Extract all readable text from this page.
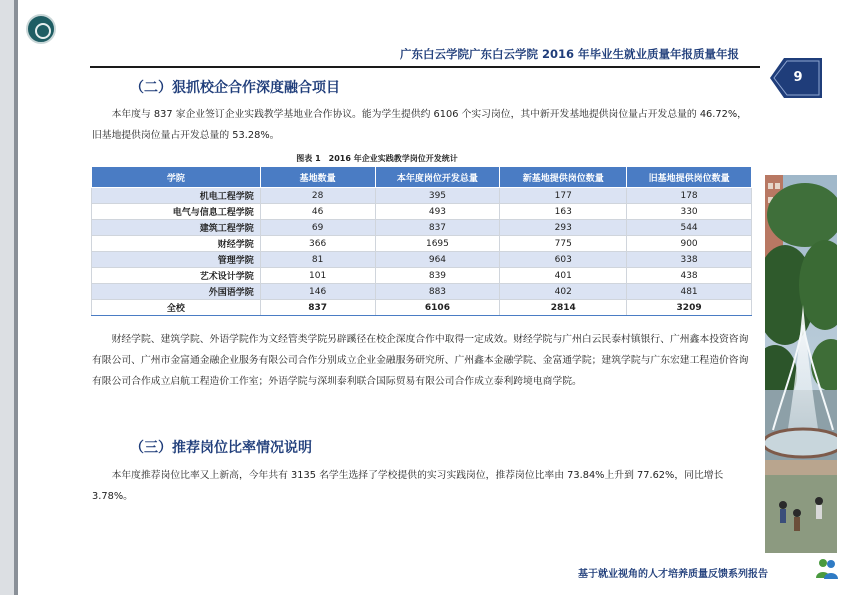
广东白云学院广东白云学院 2016 年毕业生就业质量年报质量年报
9
（二）狠抓校企合作深度融合项目
本年度与 837 家企业签订企业实践教学基地业合作协议。能为学生提供约 6106 个实习岗位，其中新开发基地提供岗位量占开发总量的 46.72%，旧基地提供岗位量占开发总量的 53.28%。
图表 1　2016 年企业实践教学岗位开发统计
学院	基地数量	本年度岗位开发总量	新基地提供岗位数量	旧基地提供岗位数量
机电工程学院	28	395	177	178
电气与信息工程学院	46	493	163	330
建筑工程学院	69	837	293	544
财经学院	366	1695	775	900
管理学院	81	964	603	338
艺术设计学院	101	839	401	438
外国语学院	146	883	402	481
全校	837	6106	2814	3209
财经学院、建筑学院、外语学院作为文经管类学院另辟蹊径在校企深度合作中取得一定成效。财经学院与广州白云民泰村镇银行、广州鑫本投资咨询有限公司、广州市金富通金融企业服务有限公司合作分别成立企业金融服务研究所、广州鑫本金融学院、金富通学院；建筑学院与广东宏建工程造价咨询有限公司合作成立启航工程造价工作室；外语学院与深圳泰利联合国际贸易有限公司合作成立泰利跨境电商学院。
（三）推荐岗位比率情况说明
本年度推荐岗位比率又上新高，今年共有 3135 名学生选择了学校提供的实习实践岗位，推荐岗位比率由 73.84%上升到 77.62%，同比增长 3.78%。
基于就业视角的人才培养质量反馈系列报告
